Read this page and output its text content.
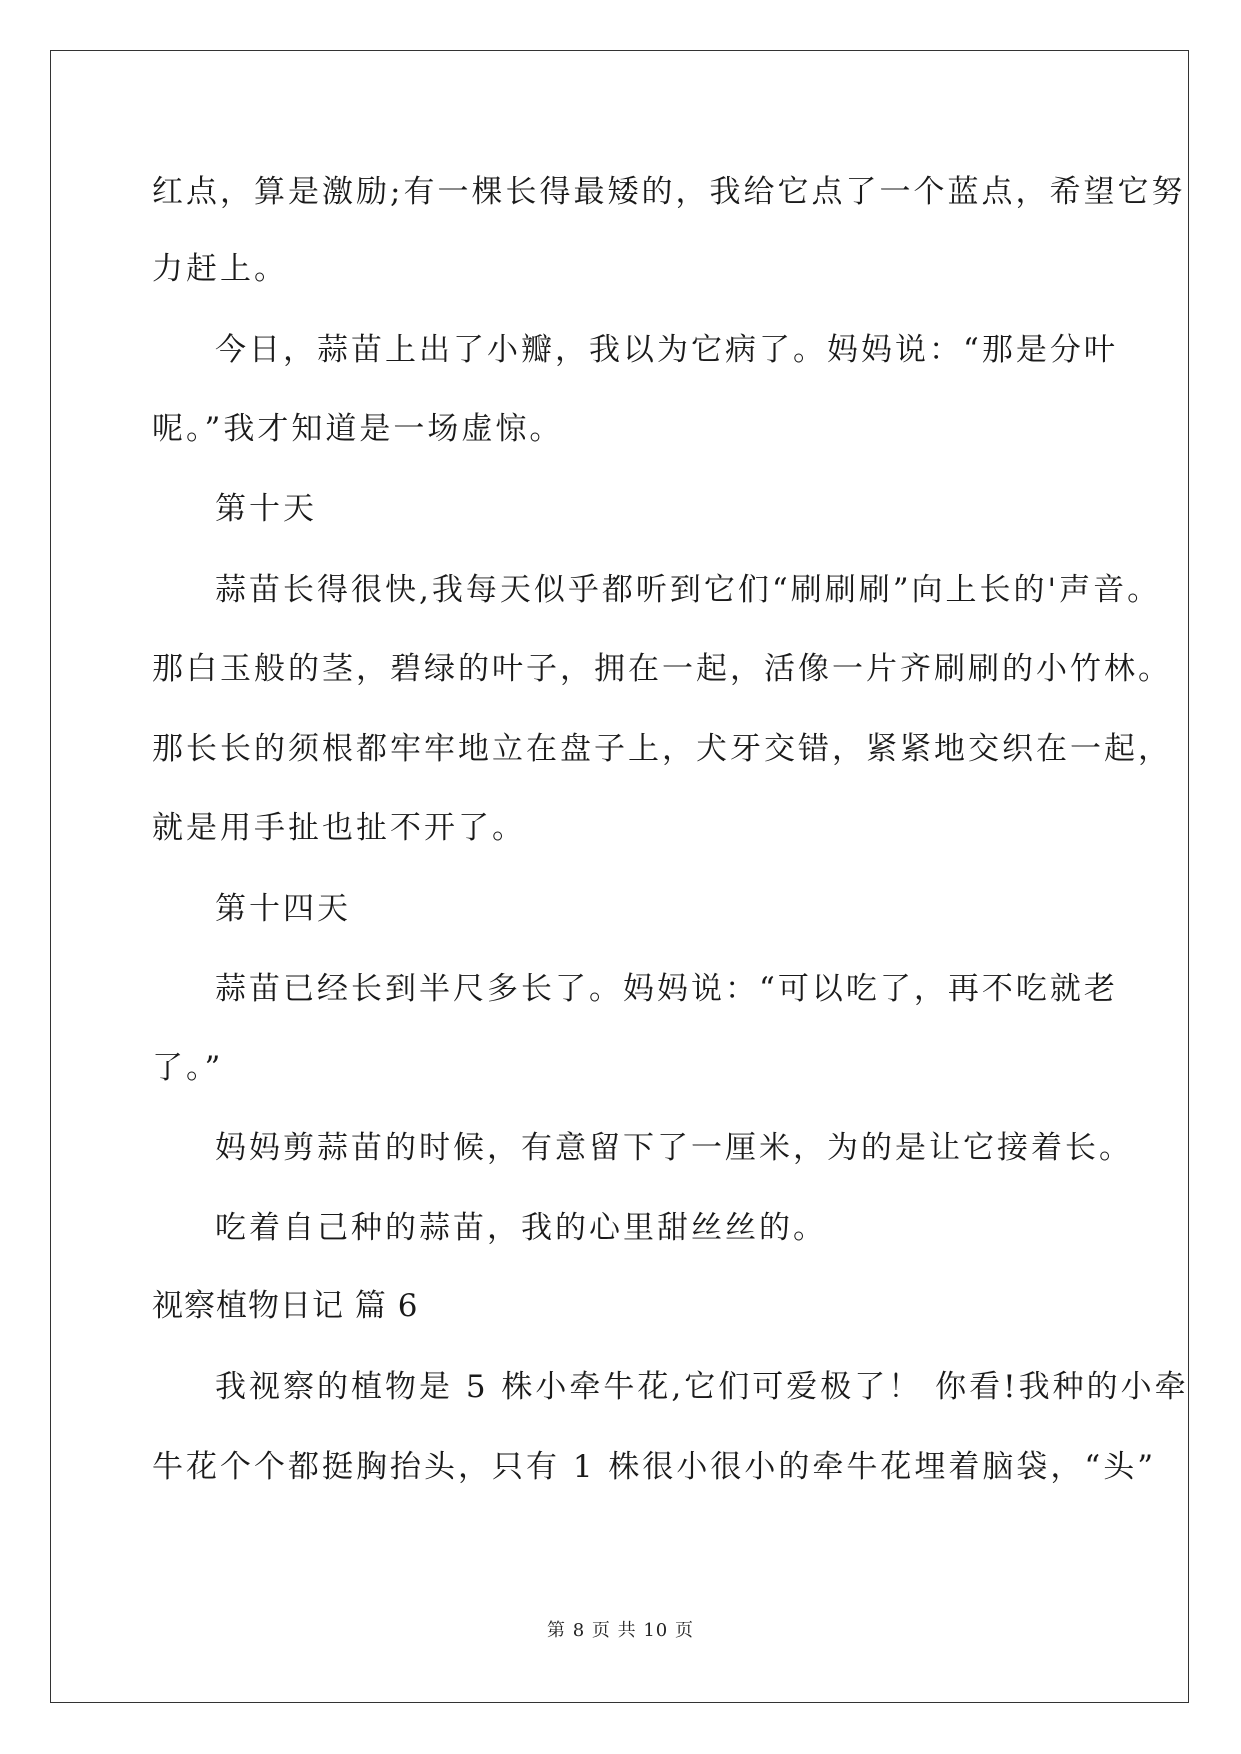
红点，算是激励;有一棵长得最矮的，我给它点了一个蓝点，希望它努
力赶上。
今日，蒜苗上出了小瓣，我以为它病了。妈妈说：“那是分叶
呢。”我才知道是一场虚惊。
第十天
蒜苗长得很快,我每天似乎都听到它们“刷刷刷”向上长的'声音。
那白玉般的茎，碧绿的叶子，拥在一起，活像一片齐刷刷的小竹林。
那长长的须根都牢牢地立在盘子上，犬牙交错，紧紧地交织在一起，
就是用手扯也扯不开了。
第十四天
蒜苗已经长到半尺多长了。妈妈说：“可以吃了，再不吃就老
了。”
妈妈剪蒜苗的时候，有意留下了一厘米，为的是让它接着长。
吃着自己种的蒜苗，我的心里甜丝丝的。
视察植物日记 篇 6
我视察的植物是 5 株小牵牛花,它们可爱极了！ 你看!我种的小牵
牛花个个都挺胸抬头，只有 1 株很小很小的牵牛花埋着脑袋，“头”
第 8 页 共 10 页
